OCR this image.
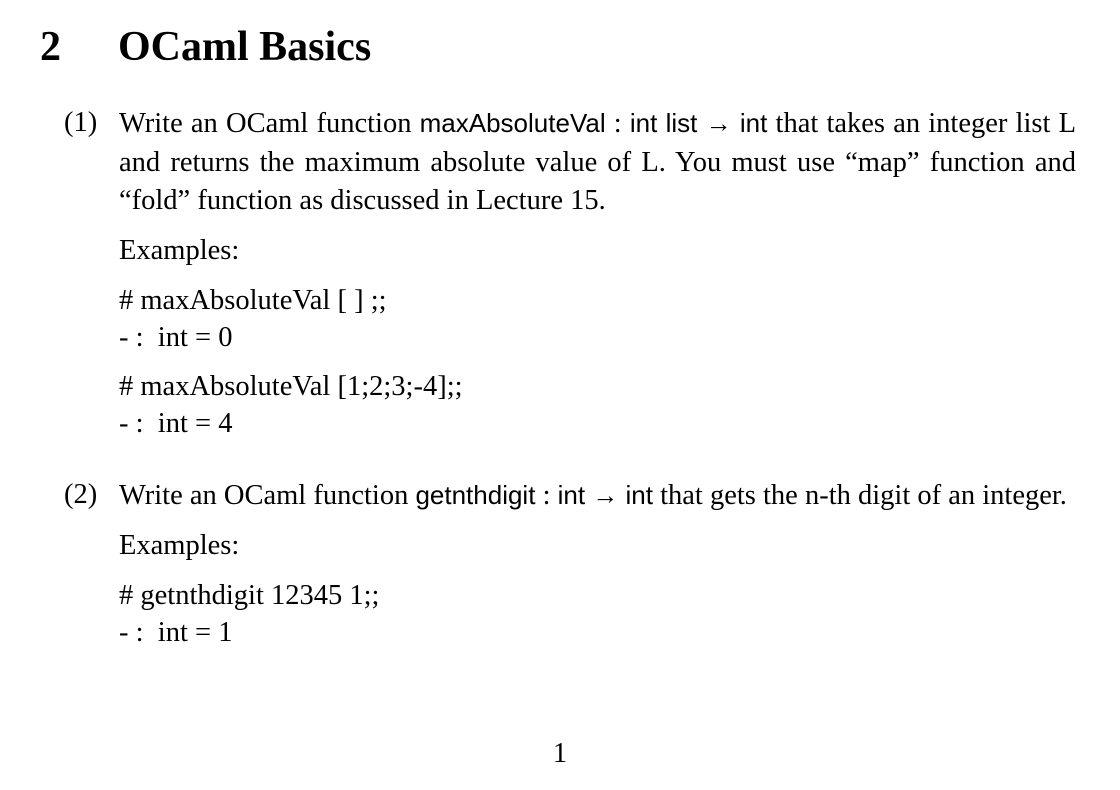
2 OCaml Basics
(1) Write an OCaml function maxAbsoluteVal : int list → int that takes an integer list L and returns the maximum absolute value of L. You must use “map” function and “fold” function as discussed in Lecture 15.

Examples:
# maxAbsoluteVal [ ] ;;
- :  int = 0
# maxAbsoluteVal [1;2;3;-4];;
- :  int = 4
(2) Write an OCaml function getnthdigit : int → int that gets the n-th digit of an integer.

Examples:
# getnthdigit 12345 1;;
- :  int = 1
1
